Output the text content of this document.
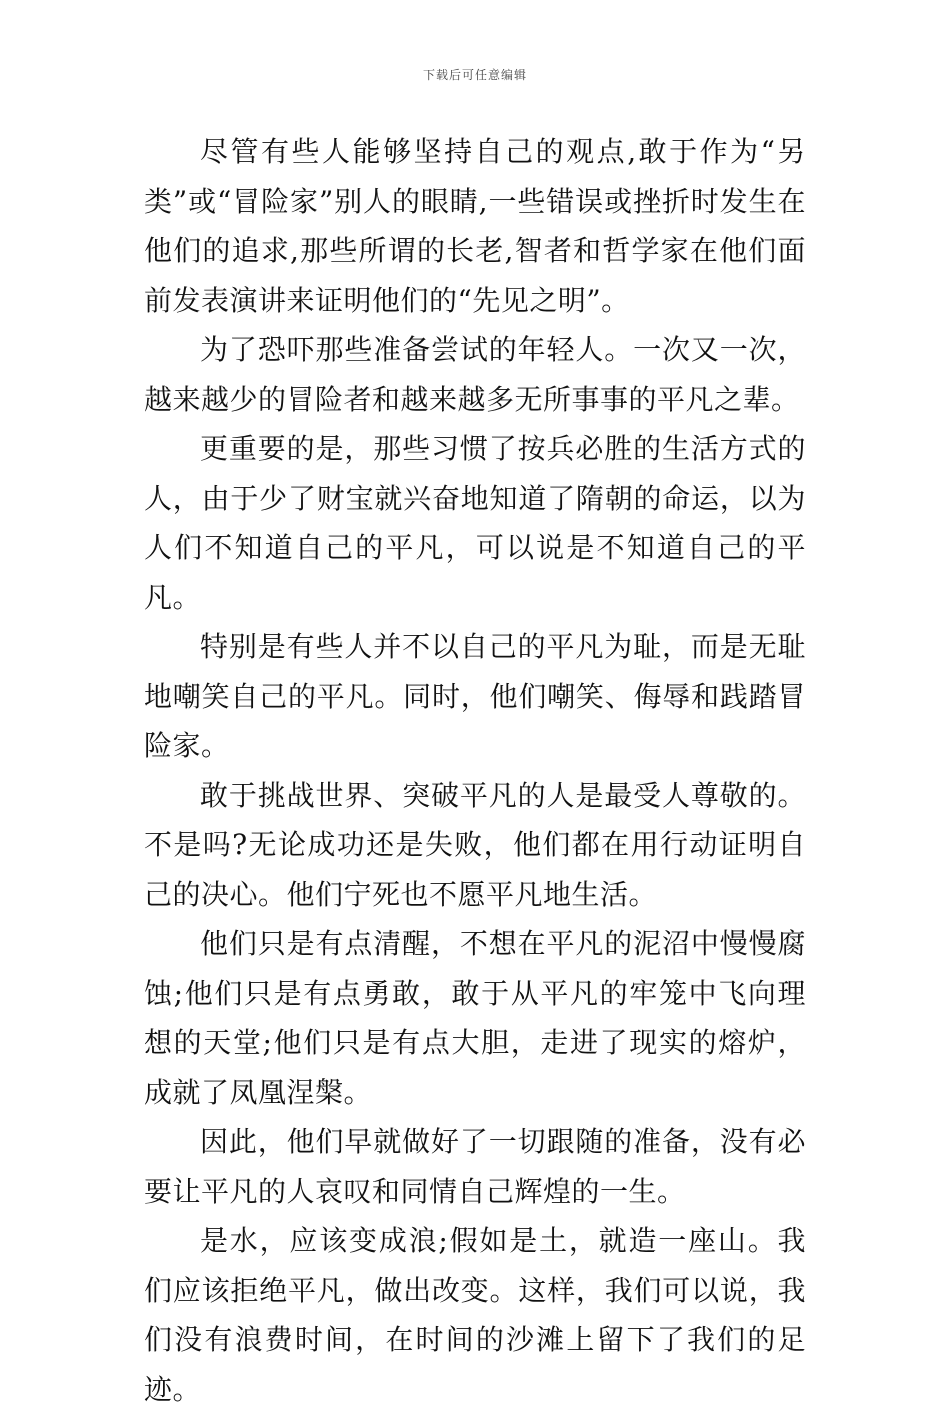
下载后可任意编辑

尽管有些人能够坚持自己的观点,敢于作为“另类”或“冒险家”别人的眼睛,一些错误或挫折时发生在他们的追求,那些所谓的长老,智者和哲学家在他们面前发表演讲来证明他们的“先见之明”。

为了恐吓那些准备尝试的年轻人。一次又一次，越来越少的冒险者和越来越多无所事事的平凡之辈。

更重要的是，那些习惯了按兵必胜的生活方式的人，由于少了财宝就兴奋地知道了隋朝的命运，以为人们不知道自己的平凡，可以说是不知道自己的平凡。

特别是有些人并不以自己的平凡为耻，而是无耻地嘲笑自己的平凡。同时，他们嘲笑、侮辱和践踏冒险家。

敢于挑战世界、突破平凡的人是最受人尊敬的。不是吗?无论成功还是失败，他们都在用行动证明自己的决心。他们宁死也不愿平凡地生活。

他们只是有点清醒，不想在平凡的泥沼中慢慢腐蚀;他们只是有点勇敢，敢于从平凡的牢笼中飞向理想的天堂;他们只是有点大胆，走进了现实的熔炉，成就了凤凰涅槃。

因此，他们早就做好了一切跟随的准备，没有必要让平凡的人哀叹和同情自己辉煌的一生。

是水，应该变成浪;假如是土，就造一座山。我们应该拒绝平凡，做出改变。这样，我们可以说，我们没有浪费时间，在时间的沙滩上留下了我们的足迹。
